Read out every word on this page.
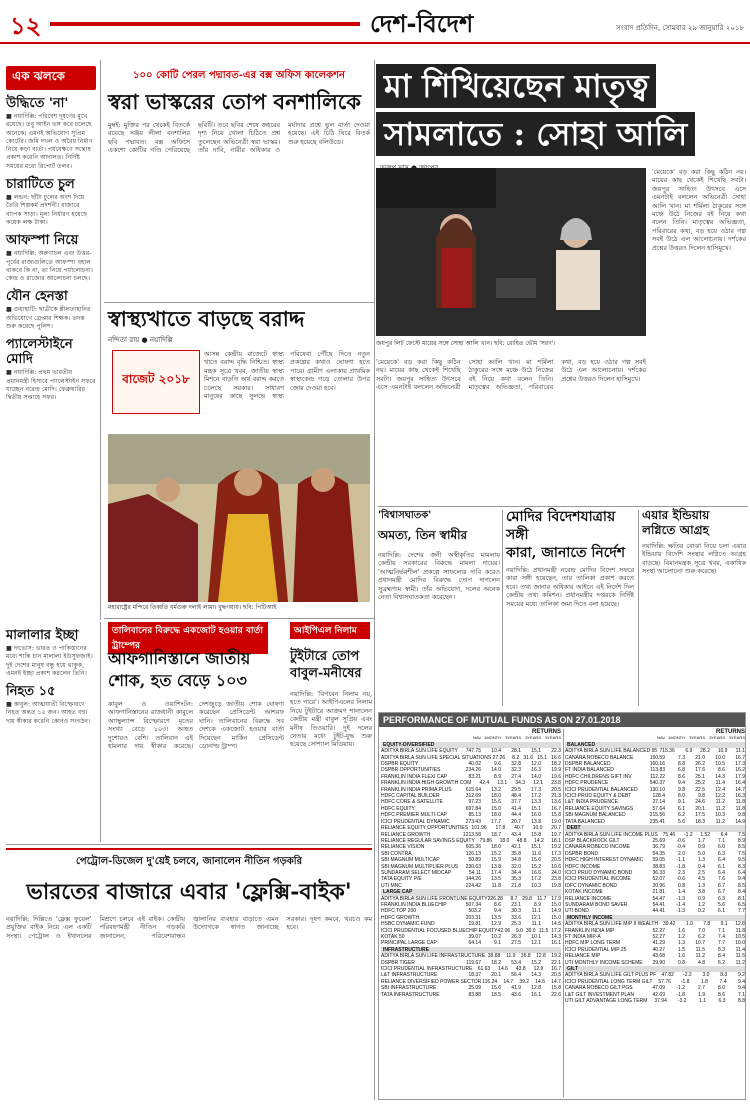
১২	দেশ-বিদেশ	সংবাদ প্রতিদিন, সোমবার ২৯ জানুয়ারি ২০১৮
এক ঝলকে
উদ্ধিতে 'না'
■ নয়াদিল্লি: পরিবেশ দূষণের মুখে রয়েছে। তবু আইন ভঙ্গ করে চলেছে অনেকে। এমনই অভিযোগ সুপ্রিম কোর্টের। জমি দখল ও অবৈধ নির্মাণ নিয়ে কড়া বার্তা। পর্যবেক্ষণে সন্তোষ প্রকাশ করেনি আদালত। নির্দিষ্ট সময়ের মধ্যে রিপোর্ট তলব।
চারাটিতে চুল
■ লন্ডন: ছাঁটা চুলের অংশ দিয়ে তৈরি শিল্পকর্ম প্রদর্শনী। বাজারে ব্যাপক সাড়া। মূল্য নির্ধারণ হয়েছে কয়েক লক্ষ টাকা।
আফস্পা নিয়ে
■ নয়াদিল্লি: অরুণাচল এবং উত্তর-পূর্বের রাজ্যগুলিতে আফস্পা বহাল থাকবে কি না, তা নিয়ে পর্যালোচনা। কেন্দ্র ও রাজ্যের আলোচনা চলছে।
যৌন হেনস্তা
■ গুয়াহাটি: ছাত্রীকে শ্লীলতাহানির অভিযোগে গ্রেপ্তার শিক্ষক। তদন্ত শুরু করেছে পুলিশ।
প্যালেস্টাইনে মোদি
■ নয়াদিল্লি: প্রথম ভারতীয় প্রধানমন্ত্রী হিসাবে প্যালেস্টাইন সফরে যাচ্ছেন নরেন্দ্র মোদি। ফেব্রুয়ারির দ্বিতীয় সপ্তাহে সফর।
মালালার ইচ্ছা
■ দাভোস: ভারত ও পাকিস্তানের মধ্যে শান্তি চান মালালা ইউসুফজাই। দুই দেশের মানুষ বন্ধু হয়ে থাকুক, এমনই ইচ্ছা প্রকাশ করলেন তিনি।
নিহত ১৫
■ কাবুল: আত্মঘাতী বিস্ফোরণে নিহত অন্তত ১৫ জন। আহত বহু। দায় স্বীকার করেনি কোনও সংগঠন।
১০০ কোটি পেরল পদ্মাবত-এর বক্স অফিস কালেকশন
স্বরা ভাস্করের তোপ বনশালিকে
মুম্বই: মুক্তির পর থেকেই বিতর্কে রয়েছে সঞ্জয় লীলা বনশালির ছবি পদ্মাবত। বক্স অফিসে একশো কোটির গণ্ডি পেরিয়েছে ছবিটি। তবে ছবির শেষে জহরের দৃশ্য নিয়ে খোলা চিঠিতে প্রশ্ন তুলেছেন অভিনেত্রী স্বরা ভাস্কর। তাঁর দাবি, নারীর অধিকার ও মর্যাদার প্রশ্নে ভুল বার্তা দেওয়া হয়েছে। এই চিঠি ঘিরে বিতর্ক শুরু হয়েছে বলিউডে।
মা শিখিয়েছেন মাতৃত্ব সামলাতে : সোহা আলি
'মেয়েকে' বড় করা কিছু কঠিন নয়। মায়ের কাছ থেকেই শিখেছি সবটা। জয়পুর সাহিত্য উৎসবে এসে এমনটাই বললেন অভিনেত্রী সোহা আলি খান। মা শর্মিলা ঠাকুরের সঙ্গে মঞ্চে উঠে নিজের বই নিয়ে কথা বলেন তিনি। মাতৃত্বের অভিজ্ঞতা, পরিবারের কথা, বড় হয়ে ওঠার গল্প সবই উঠে এল আলোচনায়। দর্শকের প্রশ্নের উত্তরও দিলেন হাসিমুখে।
জয়পুর লিট ফেস্টে মায়ের সঙ্গে সোহা আলি খান। ছবি: রোহিত ভৌম 'সরণ'।
'মেয়েকে' বড় করা কিছু কঠিন নয়। মায়ের কাছ থেকেই শিখেছি সবটা। জয়পুর সাহিত্য উৎসবে এসে এমনটাই বললেন অভিনেত্রী সোহা আলি খান। মা শর্মিলা ঠাকুরের সঙ্গে মঞ্চে উঠে নিজের বই নিয়ে কথা বলেন তিনি। মাতৃত্বের অভিজ্ঞতা, পরিবারের কথা, বড় হয়ে ওঠার গল্প সবই উঠে এল আলোচনায়। দর্শকের প্রশ্নের উত্তরও দিলেন হাসিমুখে।
স্বাস্থ্যখাতে বাড়ছে বরাদ্দ
নন্দিতা রায় ● নয়াদিল্লি
বাজেট ২০১৮
আসন্ন কেন্দ্রীয় বাজেটে স্বাস্থ্য খাতে বরাদ্দ বৃদ্ধি নিশ্চিত। স্বাস্থ্য মন্ত্রক সূত্রে খবর, জাতীয় স্বাস্থ্য মিশনে বাড়তি অর্থ বরাদ্দ করতে চলেছে সরকার। সাধারণ মানুষের কাছে সুলভে স্বাস্থ্য পরিষেবা পৌঁছে দিতে নতুন প্রকল্পের কথাও ঘোষণা হতে পারে। গ্রামীণ এলাকায় প্রাথমিক স্বাস্থ্যকেন্দ্র গড়ে তোলার উপর জোর দেওয়া হবে।
মহারাষ্ট্রের মন্দিরে তিব্বতি ধর্মগুরু দলাই লামা। বুদ্ধগয়ায়। ছবি: পিটিআই
'বিশ্বাসঘাতক'
অমত্য, তিন স্বামীর
নয়াদিল্লি: দেশের জনী অস্বীকৃতির মামলায় কেন্দ্রীয় সরকারের বিরুদ্ধে মামলা দায়ের। 'আত্মনির্ভরশীল' প্রকল্পে সাফল্যের দাবি করেও প্রধানমন্ত্রী মোদির বিরুদ্ধে তোপ দাগলেন সুব্রহ্মণ্যম স্বামী। তাঁর অভিযোগ, দলের অনেক নেতা বিশ্বাসঘাতকতা করেছেন।
মোদির বিদেশযাত্রায় সঙ্গী
কারা, জানাতে নির্দেশ
নয়াদিল্লি: প্রধানমন্ত্রী নরেন্দ্র মোদির বিদেশ সফরে কারা সঙ্গী হয়েছেন, তার তালিকা প্রকাশ করতে হবে। তথ্য জানার অধিকার আইনে এই নির্দেশ দিল কেন্দ্রীয় তথ্য কমিশন। প্রধানমন্ত্রীর দপ্তরকে নির্দিষ্ট সময়ের মধ্যে তালিকা জমা দিতে বলা হয়েছে।
এয়ার ইন্ডিয়ায়
লগ্নিতে আগ্রহ
নয়াদিল্লি: ক্ষতির বোঝা নিয়ে চলা এয়ার ইন্ডিয়ায় বিদেশি সংস্থার লগ্নিতে আগ্রহ বাড়ছে। বিমানমন্ত্রক সূত্রে খবর, একাধিক সংস্থা আলোচনা শুরু করেছে।
তালিবানের বিরুদ্ধে একজোট হওয়ার বার্তা ট্রাম্পের
আফগানিস্তানে জাতীয় শোক, হত বেড়ে ১০৩
কাবুল ও ওয়াশিংটন: আফগানিস্তানের রাজধানী কাবুলে অ্যাম্বুল্যান্স বিস্ফোরণে মৃতের সংখ্যা বেড়ে ১০৩। আহত দুশোরও বেশি। তালিবান এই হামলার দায় স্বীকার করেছে। দেশজুড়ে জাতীয় শোক ঘোষণা করেছেন প্রেসিডেন্ট আশরফ ঘানি। তালিবানের বিরুদ্ধে সব দেশকে একজোট হওয়ার বার্তা দিয়েছেন মার্কিন প্রেসিডেন্ট ডোনাল্ড ট্রাম্প।
আইপিএল নিলাম
টুইটারে তোপ বাবুল-মনীষের
নয়াদিল্লি: 'বিগবেন নিলাম নয়, হতে পারে'। আইপিএলের নিলাম নিয়ে টুইটারে আক্রমণ শানালেন কেন্দ্রীয় মন্ত্রী বাবুল সুপ্রিয় এবং মনীষ তিওয়ারি। দুই দলের নেতার মধ্যে টুইট-যুদ্ধ শুরু হয়েছে সোশ্যাল মিডিয়ায়।
PERFORMANCE OF MUTUAL FUNDS AS ON 27.01.2018
RETURNS
NAV 1MONTH	3YEARS	3YEARS	5YEARS
EQUITY-DIVERSIFIED
ADITYA BIRLA SUN LIFE EQUITY	747.75	10.4	28.1	15.1	22.3
ADITYA BIRLA SUN LIFE SPECIAL SITUATIONS 27.26	8.2 31.6 15.1 16.6
DSPBR EQUITY	40.02	9.6	32.8	12.0	18.2
DSPBR OPPORTUNITIES	234.26	14.0	32.3	16.3	19.9
FRANKLIN INDIA FLEXI CAP	83.21	8.9	27.4	14.0	19.6
FRANKLIN INDIA HIGH GROWTH COM	42.4	13.1	34.3	12.1	23.8
FRANKLIN INDIA PRIMA PLUS	615.64	13.2	29.5	17.3	20.5
HDFC CAPITAL BUILDER	312.69	18.0	48.4	17.2	21.3
HDFC CORE & SATELLITE	97.23	15.6	37.7	13.3	13.6
HDFC EQUITY	697.84	15.0	41.4	15.1	16.7
HDFC PREMIER MULTI-CAP	85.13	18.0	44.4	16.0	15.8
ICICI PRUDENTIAL DYNAMIC	273.43	17.7	20.7	13.8	19.0
RELIANCE EQUITY OPPORTUNITIES 101.96	17.8	40.7	10.0	20.7
RELIANCE GROWTH	1213.58	18.7	43.4	15.8	19.7
RELIANCE REGULAR SAVINGS EQUITY 79.86	18.0	48.8	14.2	18.1
RELIANCE VISION	605.36	18.0	42.1	15.1	19.2
SBI CONTRA	126.13	15.2	35.8	11.6	17.3
SBI MAGNUM MULTICAP	50.89	15.9	34.8	15.6	20.5
SBI MAGNUM MULTIPLIER PLUS	230.63	13.8	32.0	15.2	19.6
SUNDARAM SELECT MIDCAP	54.11	17.4	34.4	16.6	24.0
TATA EQUITY P/E	144.26	13.5	35.3	17.2	23.8
UTI MNC	224.42	11.8	21.8	10.3	19.8
LARGE CAP
ADITYA BIRLA SUN LIFE FRONTLINE EQUITY 226.28	8.7 29.8	11.7 17.9
FRANKLIN INDIA BLUECHIP	507.34	8.6	23.1	8.9	15.0
HDFC TOP 200	503.2	9.4	30.3	11.1	14.9
HDFC GROWTH	203.31	13.5	33.6	12.1	15.0
HSBC DYNAMIC FUND	19.81	12.9	25.3	11.1	14.5
ICICI PRUDENTIAL FOCUSED BLUECHIP EQUITY 42.06	9.0 30.0 11.5 17.2
KOTAK 50	39.07	10.2	26.3	10.1	14.3
PRINCIPAL LARGE CAP	64.14	9.1	27.5	12.1	16.1
INFRASTRUCTURE
ADITYA BIRLA SUN LIFE INFRASTRUCTURE 38.88	11.9	36.8	12.8	19.2
DSPBR TIGER	119.67	18.2	53.4	15.2	22.1
ICICI PRUDENTIAL INFRASTRUCTURE	61.63	14.6	43.8	12.9	16.7
L&T INFRASTRUCTURE	18.37	20.1	56.4	14.3	20.5
RELIANCE DIVERSIFIED POWER SECTOR 116.24	14.7	39.2	14.5	14.7
SBI INFRASTRUCTURE	25.09	15.6	41.9	12.8	15.8
TATA INFRASTRUCTURE	83.88	18.5	43.6	16.1	22.6
RETURNS
NAV 1MONTH	3YEARS	3YEARS	5YEARS
BALANCED
ADITYA BIRLA SUN LIFE BALANCED 95 715.36	6.9	28.2	10.9	11.1
CANARA ROBECO BALANCE	150.59	7.3	21.0	10.0	16.7
DSPBR BALANCED	160.16	8.8	26.2	10.5	17.3
FT INDIA BALANCED	113.83	6.8	17.6	8.6	16.2
HDFC CHILDRENS GIFT INV	112.22	8.6	25.1	14.3	17.9
HDFC PRUDENCE	540.37	9.4	25.2	11.4	16.4
ICICI PRUDENTIAL BALANCED	130.10	9.8	22.5	12.4	14.7
ICICI PRUD EQUITY & DEBT	128.4	8.0	9.8	12.2	16.3
L&T INDIA PRUDENCE	27.14	9.1	24.6	11.2	11.8
RELIANCE EQUITY SAVINGS	57.64	6.1	20.1	11.2	11.8
SBI MAGNUM BALANCED	215.56	6.2	17.5	10.3	9.8
TATA BALANCED	235.41	5.6	18.3	11.2	14.9
DEBT
ADITYA BIRLA SUN LIFE INCOME PLUS 75.46	-1.2	1.52	6.4	7.5
DSP BLACKROCK GILT	25.69	-0.6	1.7	7.1	8.9
CANARA ROBECO INCOME	36.79	-0.4	0.9	6.0	8.5
DSPBR BOND	54.35	2.0	5.0	6.3	7.5
HDFC HIGH INTEREST DYNAMIC	59.05	-1.1	1.3	6.4	9.5
HDFC INCOME	38.83	-1.8	0.4	6.1	8.3
ICICI PRUD DYNAMIC BOND	36.33	2.3	2.5	6.4	6.4
ICICI PRUDENTIAL INCOME	52.07	-0.6	4.5	7.6	9.4
IDFC DYNAMIC BOND	20.96	0.8	1.3	6.7	8.5
KOTAK INCOME	21.81	1.4	3.8	6.7	8.4
RELIANCE INCOME	54.47	-1.3	0.9	6.3	8.1
SUNDARAM BOND SAVER	54.41	-1.4	1.2	5.6	6.5
UTI BOND	44.41	-1.3	0.2	6.1	7.7
MONTHLY INCOME
ADITYA BIRLA SUN LIFE MIP II WEALTH 39.42	1.0	7.8	9.1	12.8
FRANKLIN INDIA MIP	52.27	1.6	7.0	7.1	11.8
FT INDIA MIP-A	52.27	1.2	6.2	7.4	10.5
HDFC MIP LONG TERM	41.29	1.3	10.7	7.7	10.0
ICICI PRUDENTIAL MIP 25	40.27	1.5	11.5	8.3	11.4
RELIANCE MIP	43.68	1.6	11.2	8.4	11.5
UTI MONTHLY INCOME SCHEME	29.90	0.8	4.8	6.2	11.2
GILT
ADITYA BIRLA SUN LIFE GILT PLUS PF	47.82	-2.2	3.0	8.3	9.2
ICICI PRUDENTIAL LONG TERM GILT	57.76	-1.8	1.8	7.4	9.4
CANARA ROBECO GILT PGS	47.09	-1.2	2.7	8.0	9.4
L&T GILT INVESTMENT PLAN	42.69	-1.8	1.9	8.6	7.1
UTI GILT ADVANTAGE LONG TERM	37.94	-3.2	1.1	6.3	8.8
পেট্রোল-ডিজেল দু'য়েই চলবে, জানালেন নীতিন গড়করি
ভারতের বাজারে এবার 'ফ্লেক্সি-বাইক'
নয়াদিল্লি: দিল্লিতে 'ফ্লেক্স ফুয়েল' প্রযুক্তির বাইক নিয়ে এল একটি সংস্থা। পেট্রোল ও ইথানলের মিশ্রণে চলবে এই বাইক। কেন্দ্রীয় পরিবহণমন্ত্রী নীতিন গড়করি জানালেন, পরিবেশবান্ধব জ্বালানির ব্যবহার বাড়াতে এমন উদ্যোগকে স্বাগত জানাচ্ছে সরকার। দূষণ কমবে, খরচও কম হবে।
